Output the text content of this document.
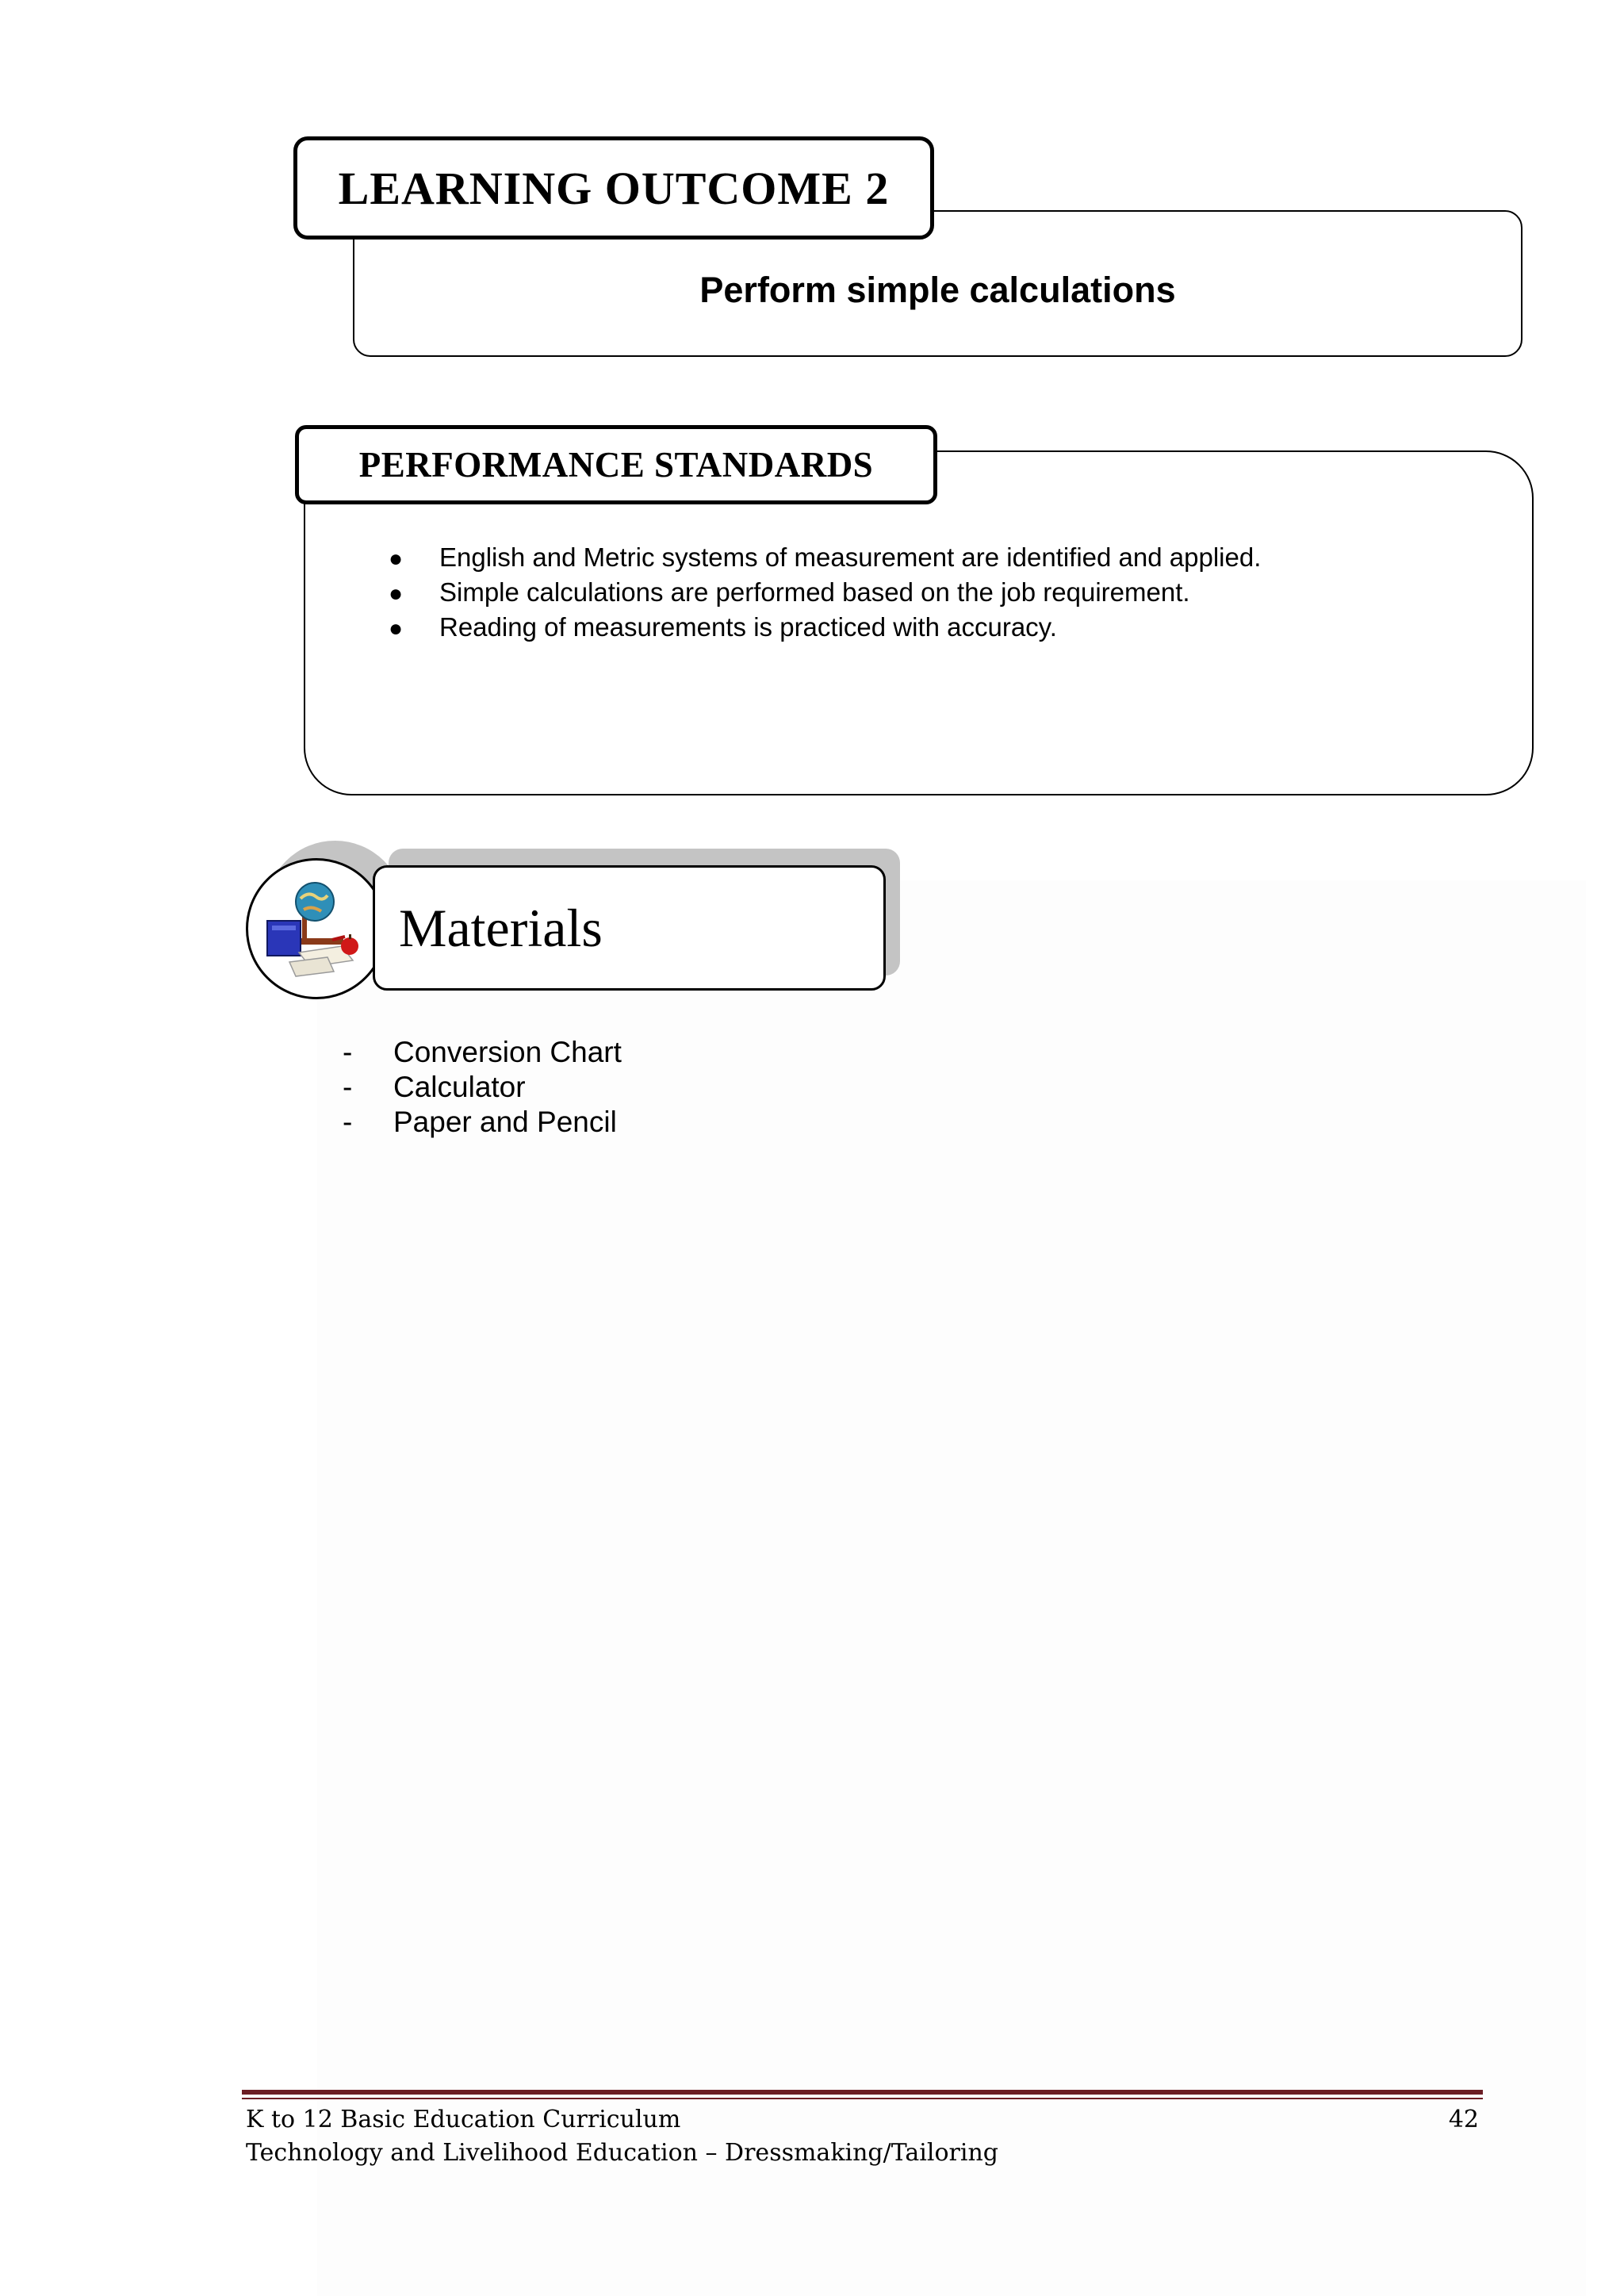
Perform simple calculations
LEARNING OUTCOME 2
PERFORMANCE STANDARDS
●	English and Metric systems of measurement are identified and applied.
●	Simple calculations are performed based on the job requirement.
●	Reading of measurements is practiced with accuracy.
Materials
-	Conversion Chart
-	Calculator
-	Paper and Pencil
K to 12 Basic Education Curriculum
Technology and Livelihood Education – Dressmaking/Tailoring
42
